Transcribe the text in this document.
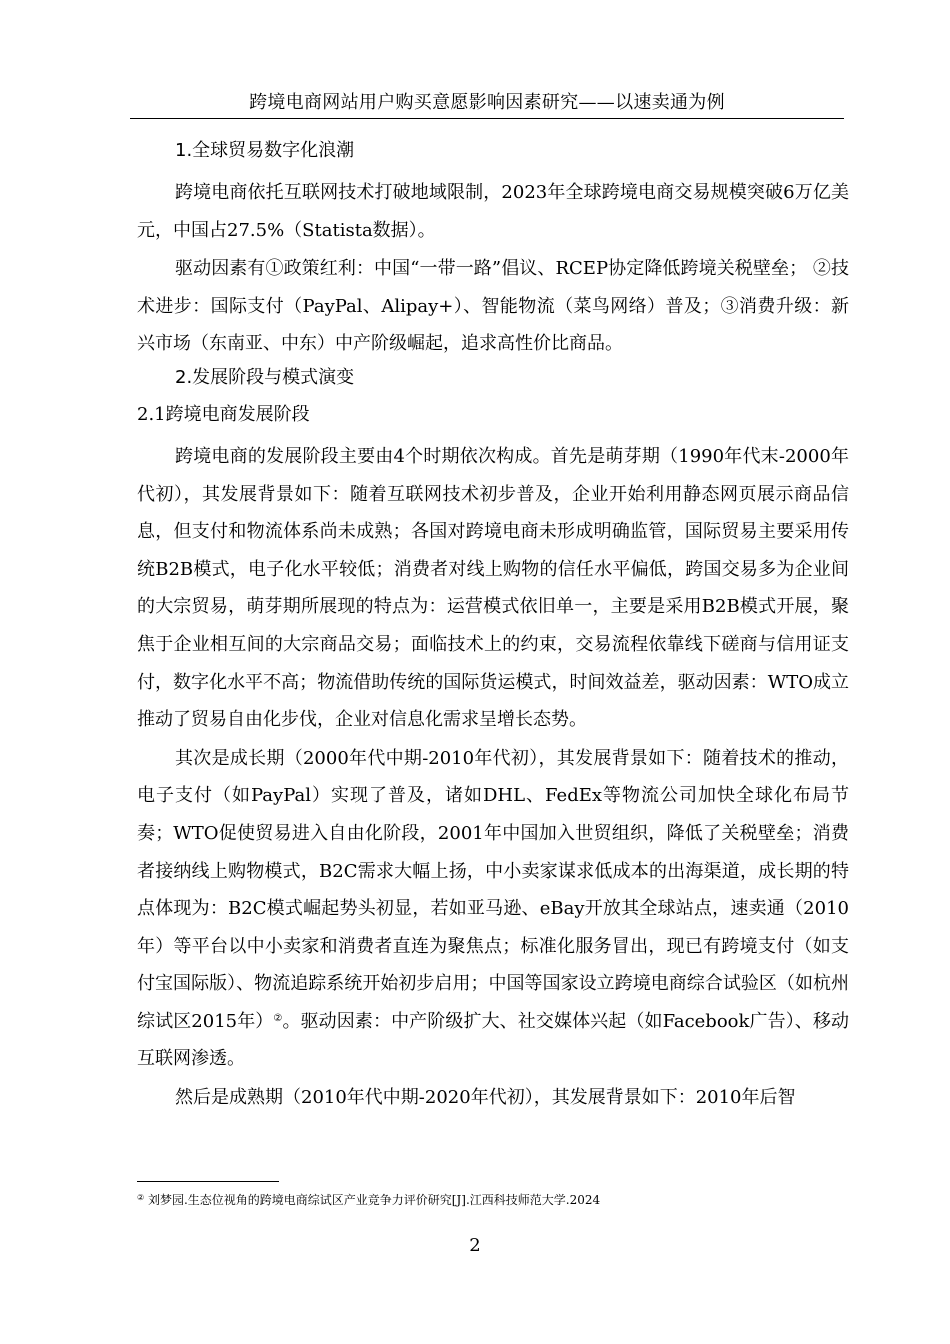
跨境电商网站用户购买意愿影响因素研究——以速卖通为例
1.全球贸易数字化浪潮

跨境电商依托互联网技术打破地域限制，2023年全球跨境电商交易规模突破6万亿美元，中国占27.5%（Statista数据）。

驱动因素有①政策红利：中国“一带一路”倡议、RCEP协定降低跨境关税壁垒； ②技术进步：国际支付（PayPal、Alipay+）、智能物流（菜鸟网络）普及；③消费升级：新兴市场（东南亚、中东）中产阶级崛起，追求高性价比商品。

2.发展阶段与模式演变
2.1跨境电商发展阶段

跨境电商的发展阶段主要由4个时期依次构成。首先是萌芽期（1990年代末-2000年代初），其发展背景如下：随着互联网技术初步普及，企业开始利用静态网页展示商品信息，但支付和物流体系尚未成熟；各国对跨境电商未形成明确监管，国际贸易主要采用传统B2B模式，电子化水平较低；消费者对线上购物的信任水平偏低，跨国交易多为企业间的大宗贸易，萌芽期所展现的特点为：运营模式依旧单一，主要是采用B2B模式开展，聚焦于企业相互间的大宗商品交易；面临技术上的约束，交易流程依靠线下磋商与信用证支付，数字化水平不高；物流借助传统的国际货运模式，时间效益差，驱动因素：WTO成立推动了贸易自由化步伐，企业对信息化需求呈增长态势。

其次是成长期（2000年代中期-2010年代初），其发展背景如下：随着技术的推动，电子支付（如PayPal）实现了普及，诸如DHL、FedEx等物流公司加快全球化布局节奏；WTO促使贸易进入自由化阶段，2001年中国加入世贸组织，降低了关税壁垒；消费者接纳线上购物模式，B2C需求大幅上扬，中小卖家谋求低成本的出海渠道，成长期的特点体现为：B2C模式崛起势头初显，若如亚马逊、eBay开放其全球站点，速卖通（2010年）等平台以中小卖家和消费者直连为聚焦点；标准化服务冒出，现已有跨境支付（如支付宝国际版）、物流追踪系统开始初步启用；中国等国家设立跨境电商综合试验区（如杭州综试区2015年）②。驱动因素：中产阶级扩大、社交媒体兴起（如Facebook广告）、移动互联网渗透。

然后是成熟期（2010年代中期-2020年代初），其发展背景如下：2010年后智

② 刘梦园.生态位视角的跨境电商综试区产业竞争力评价研究[J].江西科技师范大学.2024
2
